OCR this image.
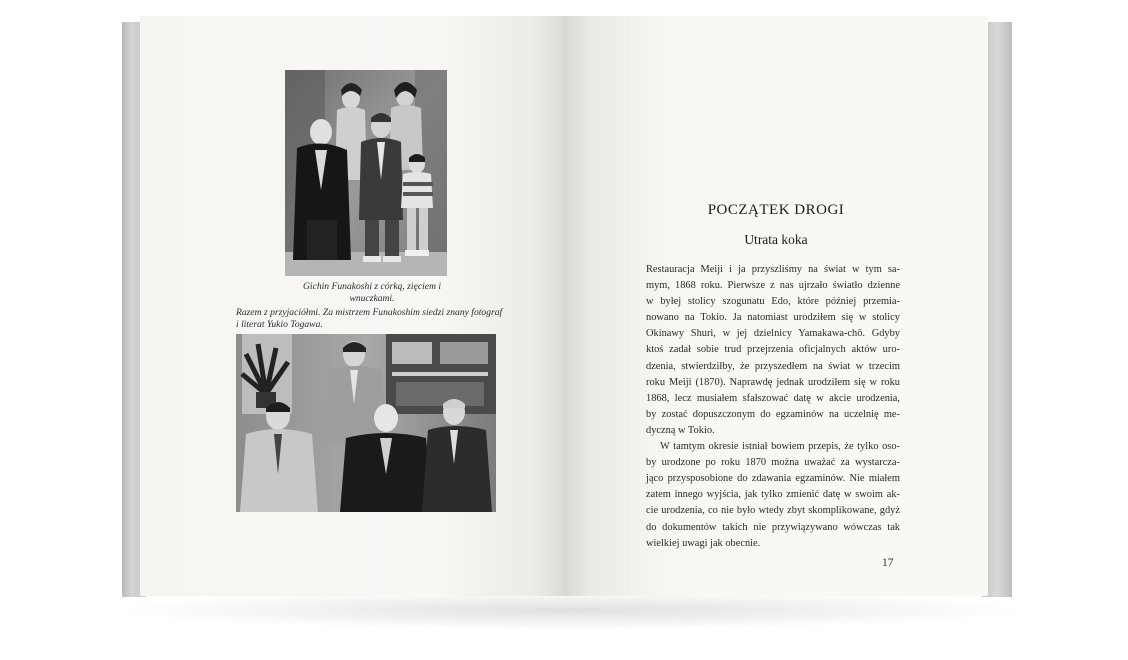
Gichin Funakoshi z córką, zięciem i wnuczkami.
Razem z przyjaciółmi. Za mistrzem Funakoshim siedzi znany fotograf
i literat Yukio Togawa.
POCZĄTEK DROGI
Utrata koka
Restauracja Meiji i ja przyszliśmy na świat w tym sa-
mym, 1868 roku. Pierwsze z nas ujrzało światło dzienne
w byłej stolicy szogunatu Edo, które później przemia-
nowano na Tokio. Ja natomiast urodziłem się w stolicy
Okinawy Shuri, w jej dzielnicy Yamakawa-chō. Gdyby
ktoś zadał sobie trud przejrzenia oficjalnych aktów uro-
dzenia, stwierdziłby, że przyszedłem na świat w trzecim
roku Meiji (1870). Naprawdę jednak urodziłem się w roku
1868, lecz musiałem sfałszować datę w akcie urodzenia,
by zostać dopuszczonym do egzaminów na uczelnię me-
dyczną w Tokio.
W tamtym okresie istniał bowiem przepis, że tylko oso-
by urodzone po roku 1870 można uważać za wystarcza-
jąco przysposobione do zdawania egzaminów. Nie miałem
zatem innego wyjścia, jak tylko zmienić datę w swoim ak-
cie urodzenia, co nie było wtedy zbyt skomplikowane, gdyż
do dokumentów takich nie przywiązywano wówczas tak
wielkiej uwagi jak obecnie.
17
